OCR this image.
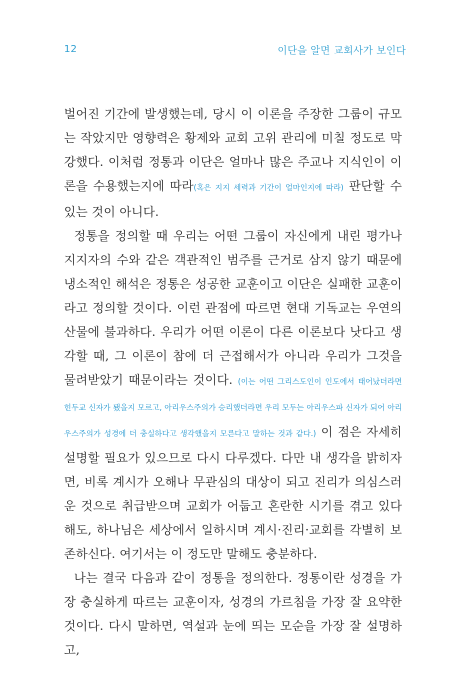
12	이단을 알면 교회사가 보인다

벌어진 기간에 발생했는데, 당시 이 이론을 주장한 그룹이 규모는 작았지만 영향력은 황제와 교회 고위 관리에 미칠 정도로 막강했다. 이처럼 정통과 이단은 얼마나 많은 주교나 지식인이 이론을 수용했는지에 따라(혹은 지지 세력과 기간이 얼마인지에 따라) 판단할 수 있는 것이 아니다.

정통을 정의할 때 우리는 어떤 그룹이 자신에게 내린 평가나 지지자의 수와 같은 객관적인 범주를 근거로 삼지 않기 때문에 냉소적인 해석은 정통은 성공한 교훈이고 이단은 실패한 교훈이라고 정의할 것이다. 이런 관점에 따르면 현대 기독교는 우연의 산물에 불과하다. 우리가 어떤 이론이 다른 이론보다 낫다고 생각할 때, 그 이론이 참에 더 근접해서가 아니라 우리가 그것을 물려받았기 때문이라는 것이다. (이는 어떤 그리스도인이 인도에서 태어났더라면 힌두교 신자가 됐을지 모르고, 아리우스주의가 승리했더라면 우리 모두는 아리우스파 신자가 되어 아리우스주의가 성경에 더 충실하다고 생각했을지 모른다고 말하는 것과 같다.) 이 점은 자세히 설명할 필요가 있으므로 다시 다루겠다. 다만 내 생각을 밝히자면, 비록 계시가 오해나 무관심의 대상이 되고 진리가 의심스러운 것으로 취급받으며 교회가 어둡고 혼란한 시기를 겪고 있다 해도, 하나님은 세상에서 일하시며 계시·진리·교회를 각별히 보존하신다. 여기서는 이 정도만 말해도 충분하다.

나는 결국 다음과 같이 정통을 정의한다. 정통이란 성경을 가장 충실하게 따르는 교훈이자, 성경의 가르침을 가장 잘 요약한 것이다. 다시 말하면, 역설과 눈에 띄는 모순을 가장 잘 설명하고,
